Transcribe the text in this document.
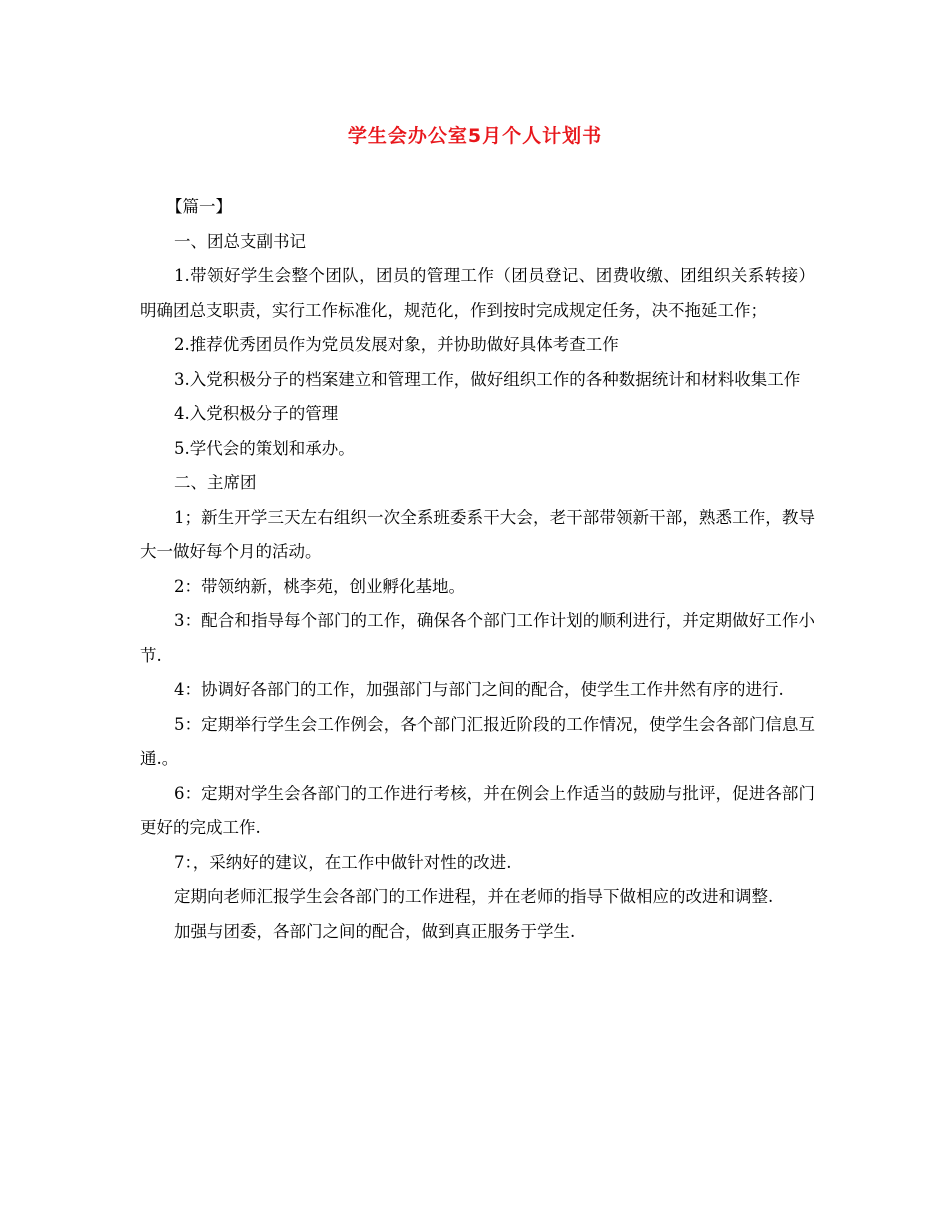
学生会办公室5月个人计划书

【篇一】

一、团总支副书记

1.带领好学生会整个团队，团员的管理工作（团员登记、团费收缴、团组织关系转接）明确团总支职责，实行工作标准化，规范化，作到按时完成规定任务，决不拖延工作；

2.推荐优秀团员作为党员发展对象，并协助做好具体考查工作

3.入党积极分子的档案建立和管理工作，做好组织工作的各种数据统计和材料收集工作

4.入党积极分子的管理

5.学代会的策划和承办。

二、主席团

1；新生开学三天左右组织一次全系班委系干大会，老干部带领新干部，熟悉工作，教导大一做好每个月的活动。

2：带领纳新，桃李苑，创业孵化基地。

3：配合和指导每个部门的工作，确保各个部门工作计划的顺利进行，并定期做好工作小节.

4：协调好各部门的工作，加强部门与部门之间的配合，使学生工作井然有序的进行.

5：定期举行学生会工作例会，各个部门汇报近阶段的工作情况，使学生会各部门信息互通.。

6：定期对学生会各部门的工作进行考核，并在例会上作适当的鼓励与批评，促进各部门更好的完成工作.

7：，采纳好的建议，在工作中做针对性的改进.

定期向老师汇报学生会各部门的工作进程，并在老师的指导下做相应的改进和调整.

加强与团委，各部门之间的配合，做到真正服务于学生.
